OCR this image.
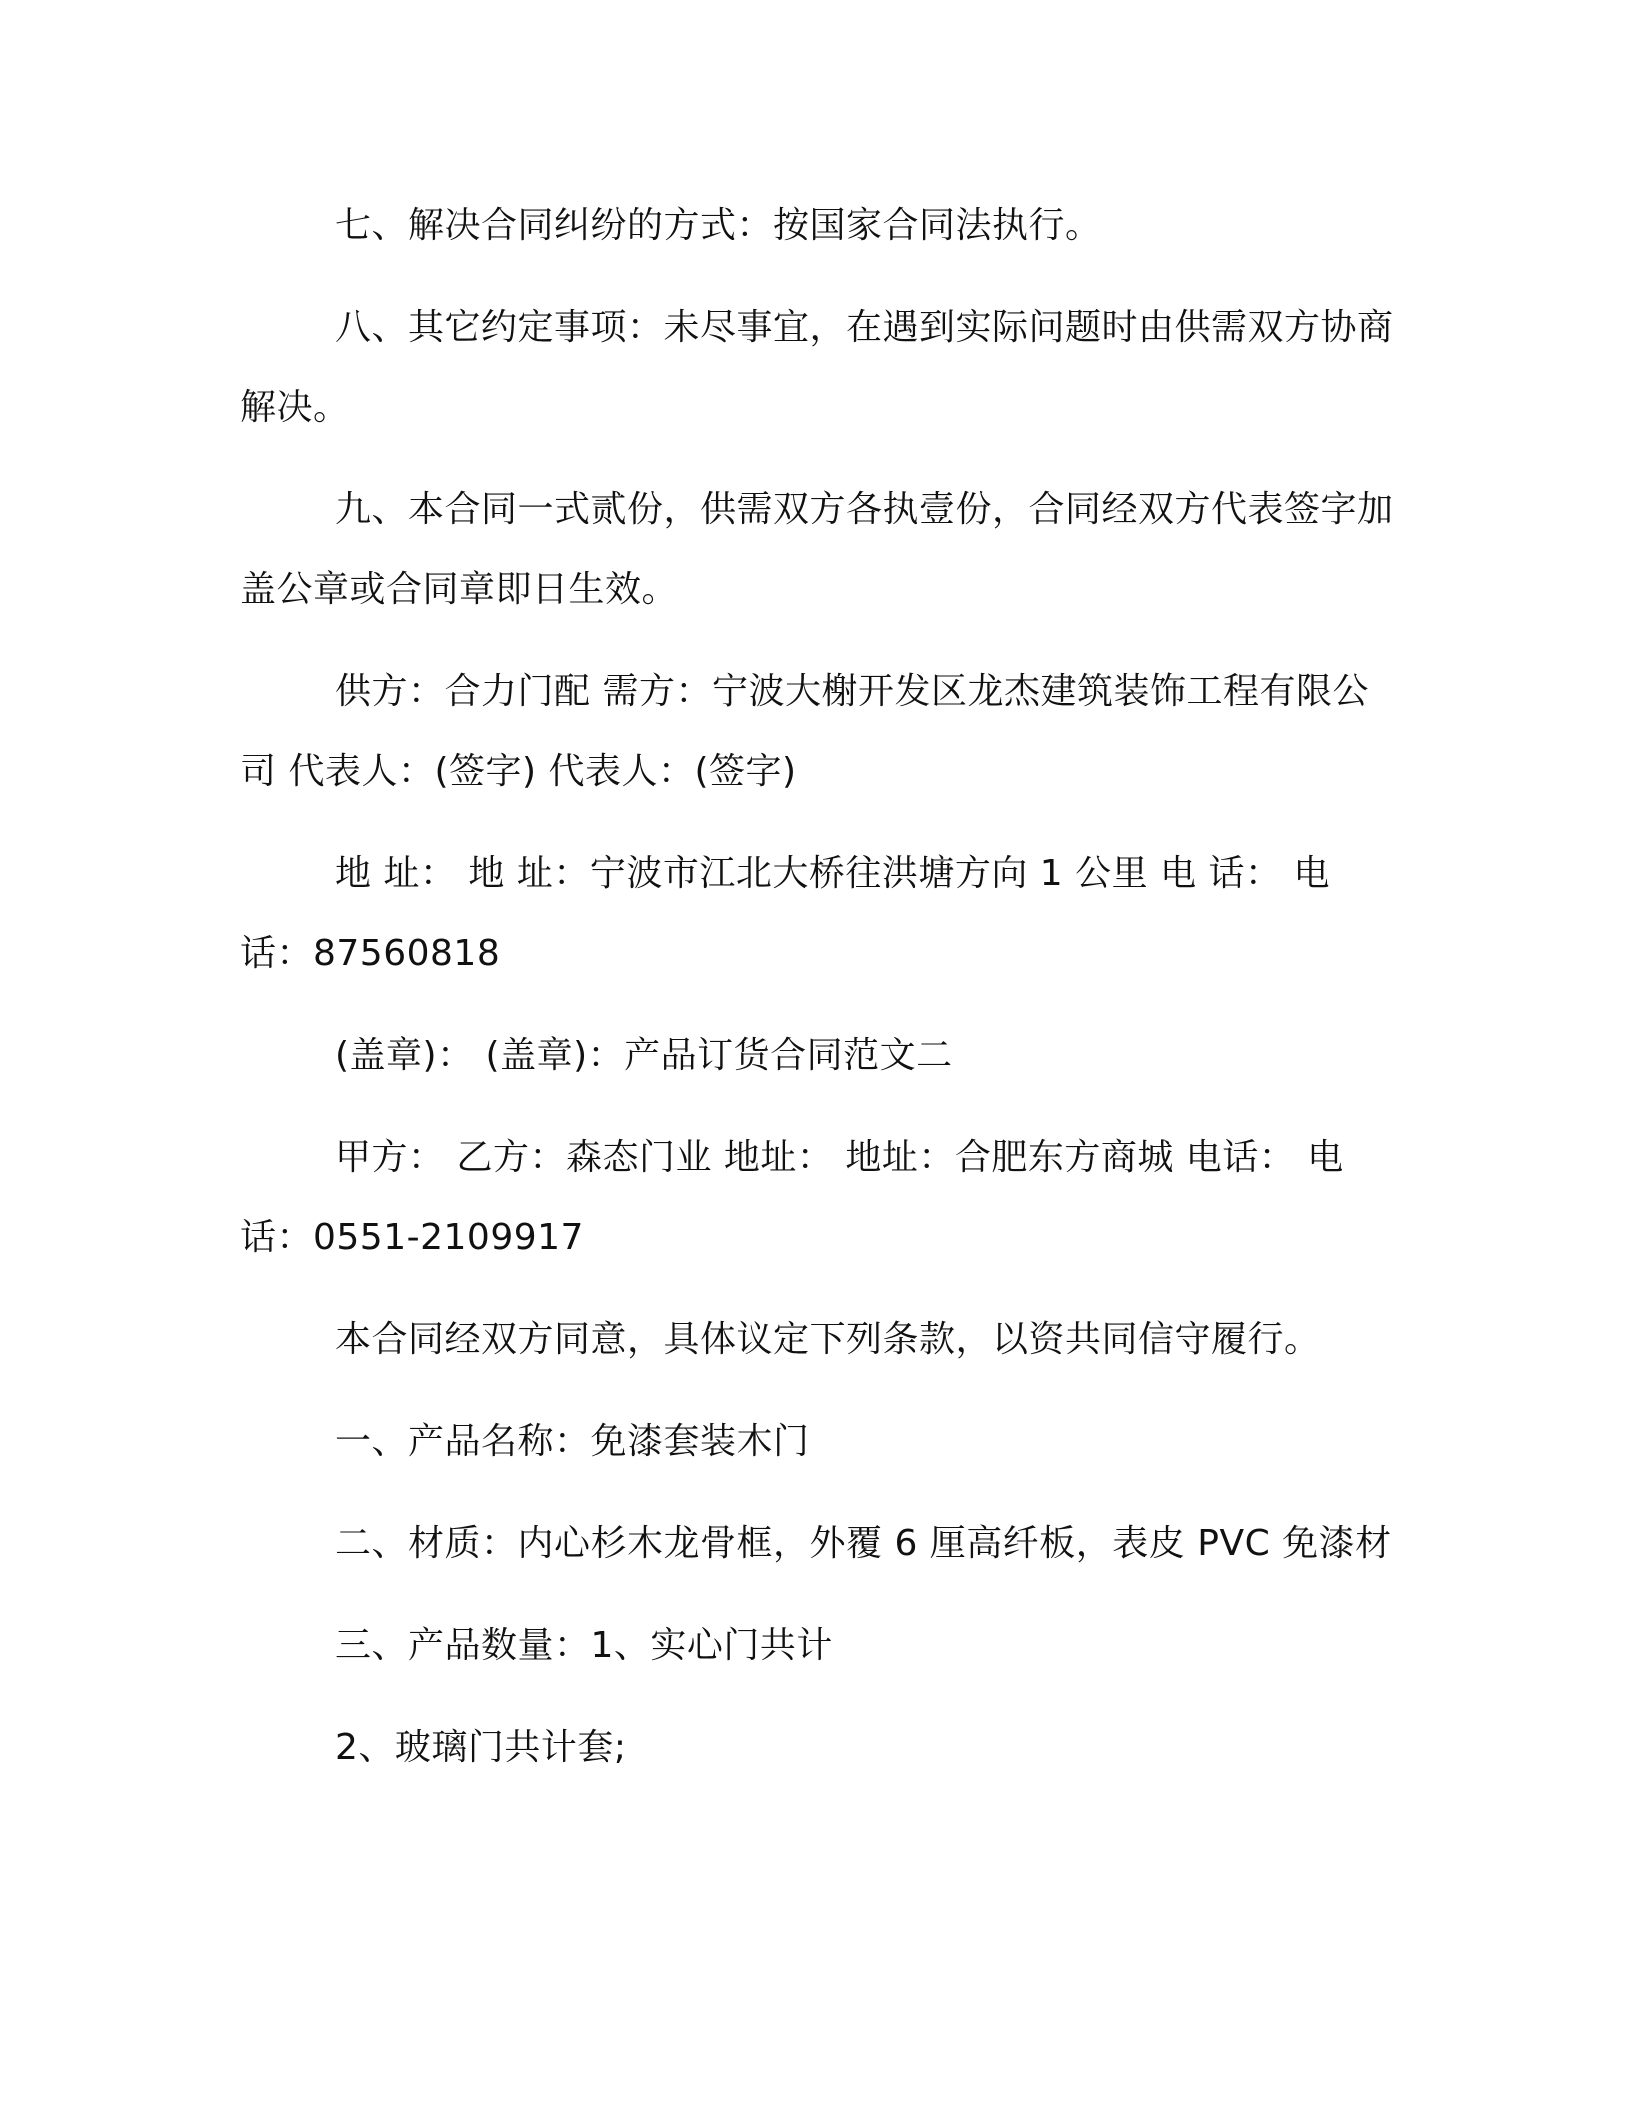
七、解决合同纠纷的方式：按国家合同法执行。

八、其它约定事项：未尽事宜，在遇到实际问题时由供需双方协商解决。

九、本合同一式贰份，供需双方各执壹份，合同经双方代表签字加盖公章或合同章即日生效。

供方：合力门配 需方：宁波大榭开发区龙杰建筑装饰工程有限公司 代表人：(签字) 代表人：(签字)

地 址： 地 址：宁波市江北大桥往洪塘方向 1 公里 电 话： 电 话：87560818

(盖章)： (盖章)：产品订货合同范文二

甲方： 乙方：森态门业 地址： 地址：合肥东方商城 电话： 电话：0551-2109917

本合同经双方同意，具体议定下列条款，以资共同信守履行。

一、产品名称：免漆套装木门

二、材质：内心杉木龙骨框，外覆 6 厘高纤板，表皮 PVC 免漆材

三、产品数量：1、实心门共计

2、玻璃门共计套;
